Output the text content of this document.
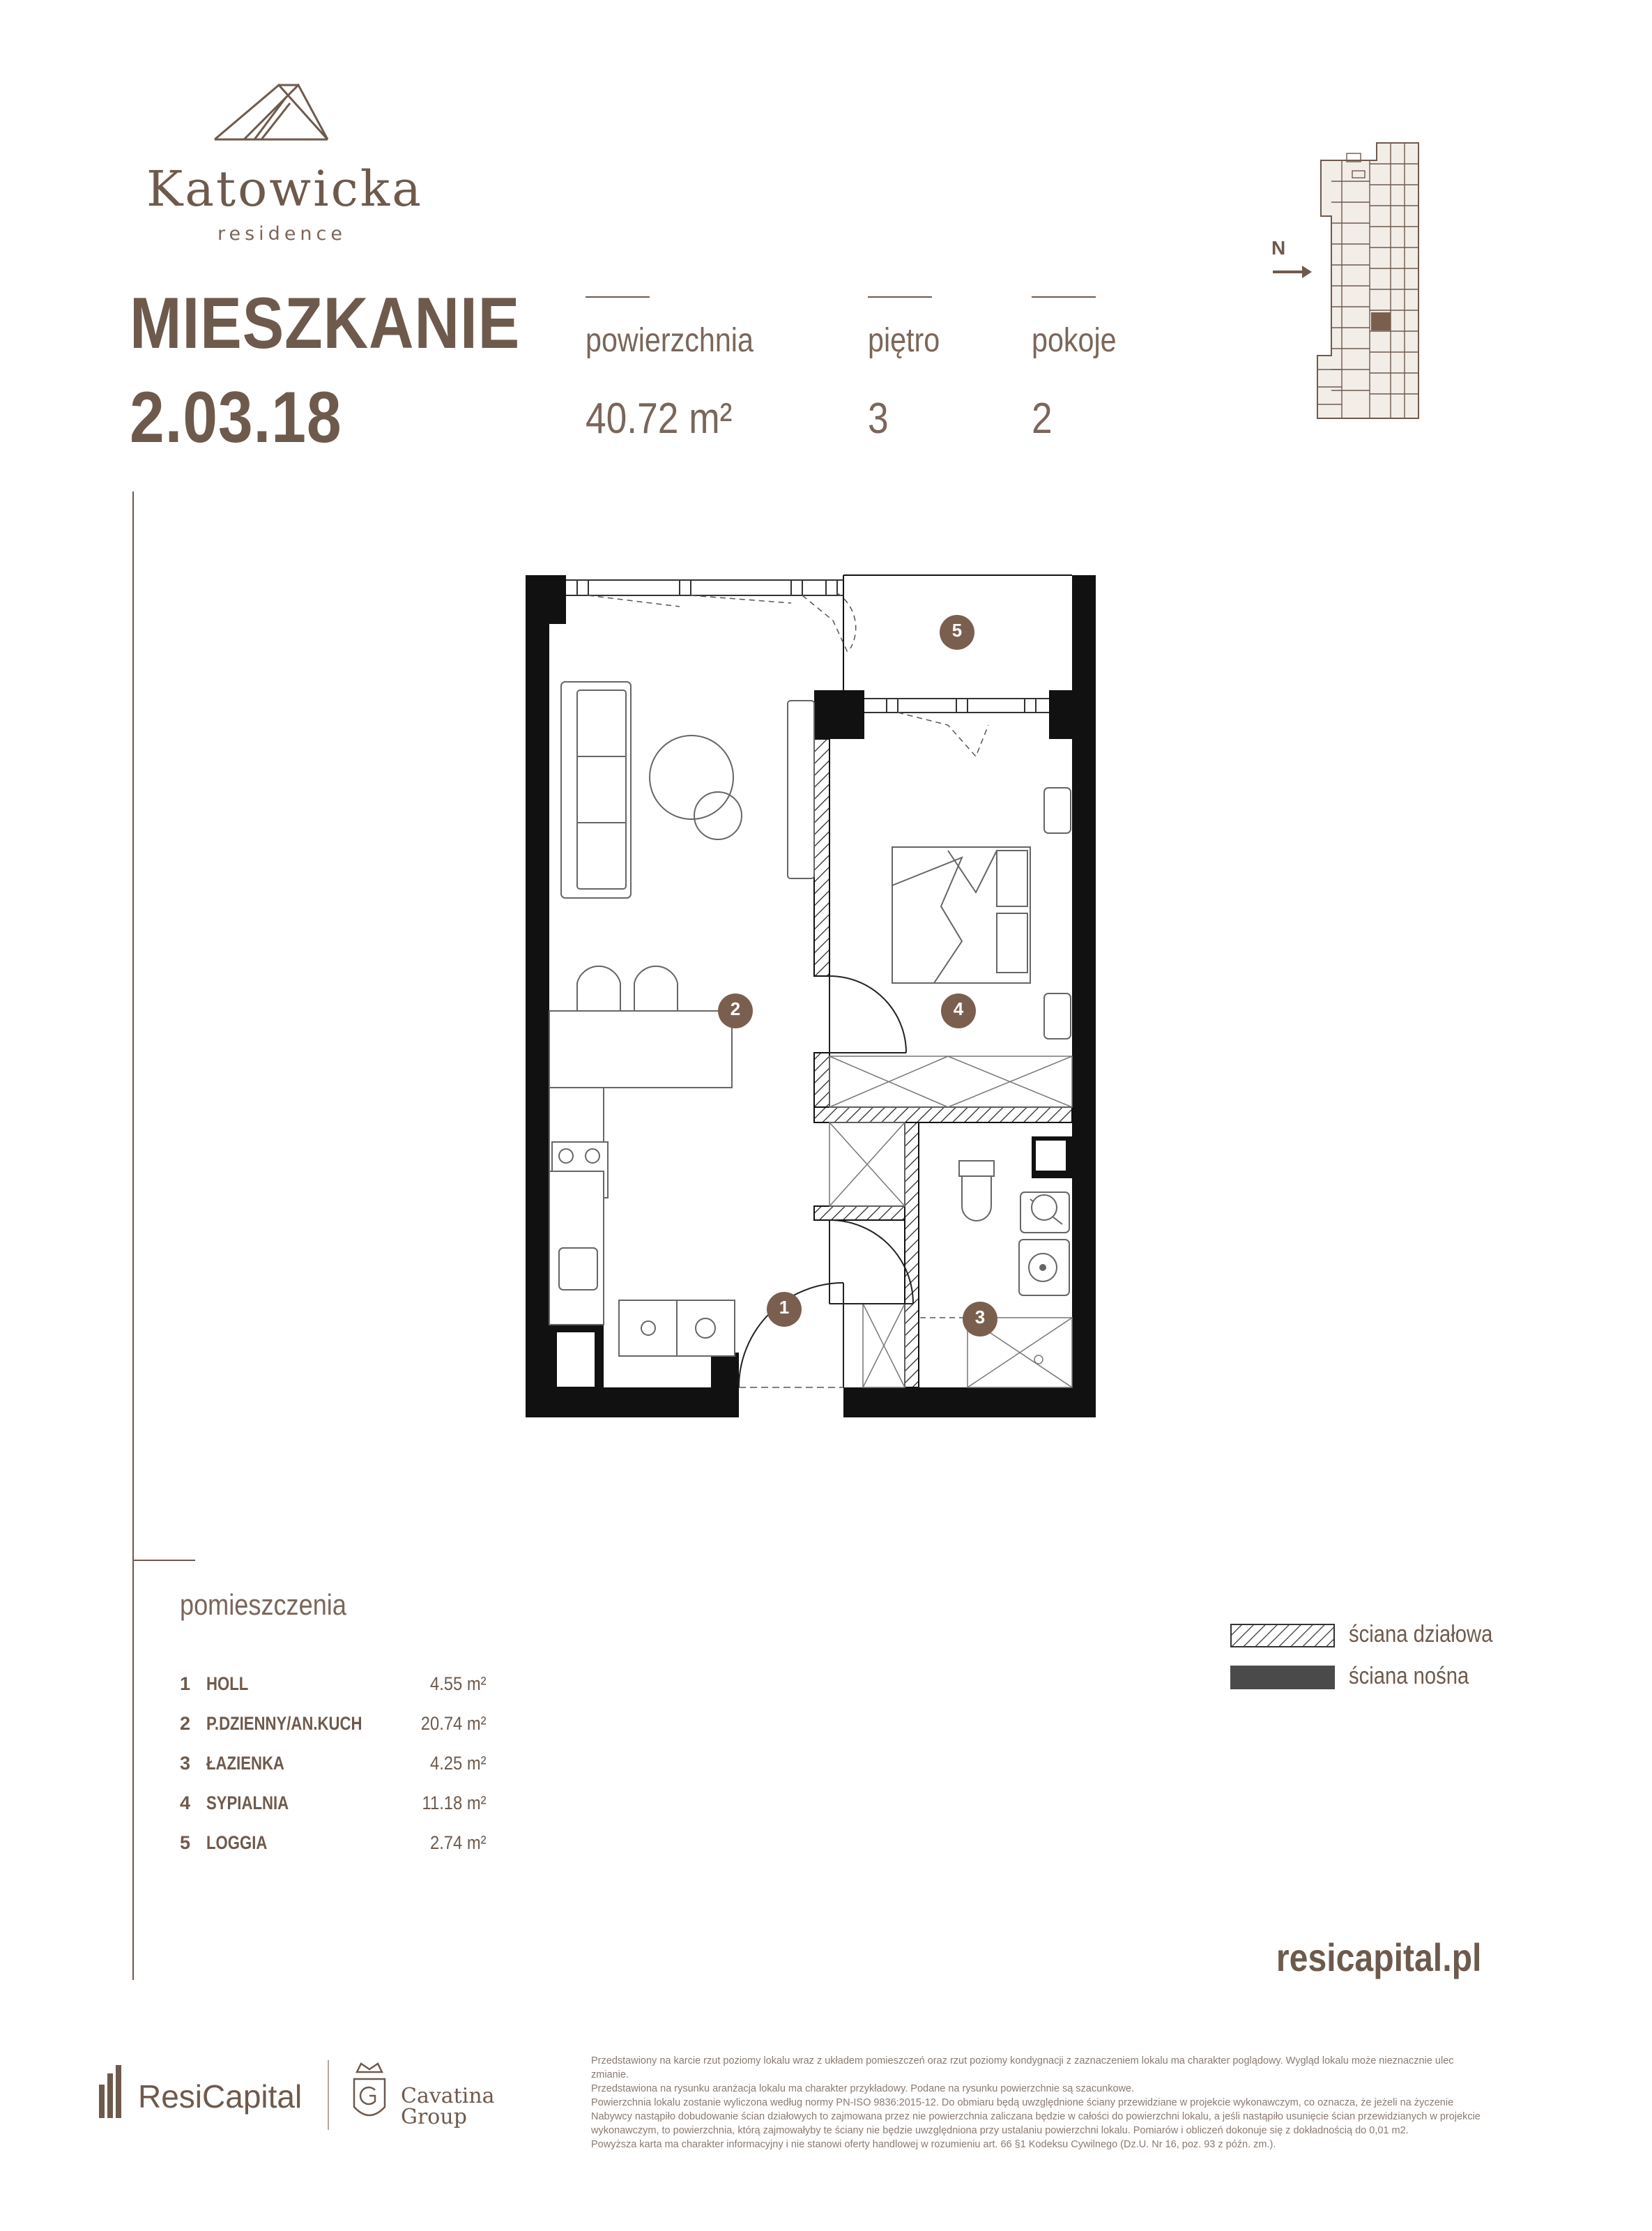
Katowicka
residence
MIESZKANIE
2.03.18
powierzchnia
40.72 m²
piętro
3
pokoje
2
N
1
2
3
4
5
pomieszczenia
1 HOLL	4.55 m²
2 P.DZIENNY/AN.KUCH	20.74 m²
3 ŁAZIENKA	4.25 m²
4 SYPIALNIA	11.18 m²
5 LOGGIA	2.74 m²
ściana działowa
ściana nośna
resicapital.pl
ResiCapital	Cavatina
Group

Przedstawiony na karcie rzut poziomy lokalu wraz z układem pomieszczeń oraz rzut poziomy kondygnacji z zaznaczeniem lokalu ma charakter poglądowy. Wygląd lokalu może nieznacznie ulec zmianie.

Przedstawiona na rysunku aranżacja lokalu ma charakter przykładowy. Podane na rysunku powierzchnie są szacunkowe.

Powierzchnia lokalu zostanie wyliczona według normy PN-ISO 9836:2015-12. Do obmiaru będą uwzględnione ściany przewidziane w projekcie wykonawczym, co oznacza, że jeżeli na życzenie Nabywcy nastąpiło dobudowanie ścian działowych to zajmowana przez nie powierzchnia zaliczana będzie w całości do powierzchni lokalu, a jeśli nastąpiło usunięcie ścian przewidzianych w projekcie wykonawczym, to powierzchnia, którą zajmowałyby te ściany nie będzie uwzględniona przy ustalaniu powierzchni lokalu. Pomiarów i obliczeń dokonuje się z dokładnością do 0,01 m2.

Powyższa karta ma charakter informacyjny i nie stanowi oferty handlowej w rozumieniu art. 66 §1 Kodeksu Cywilnego (Dz.U. Nr 16, poz. 93 z późn. zm.).
